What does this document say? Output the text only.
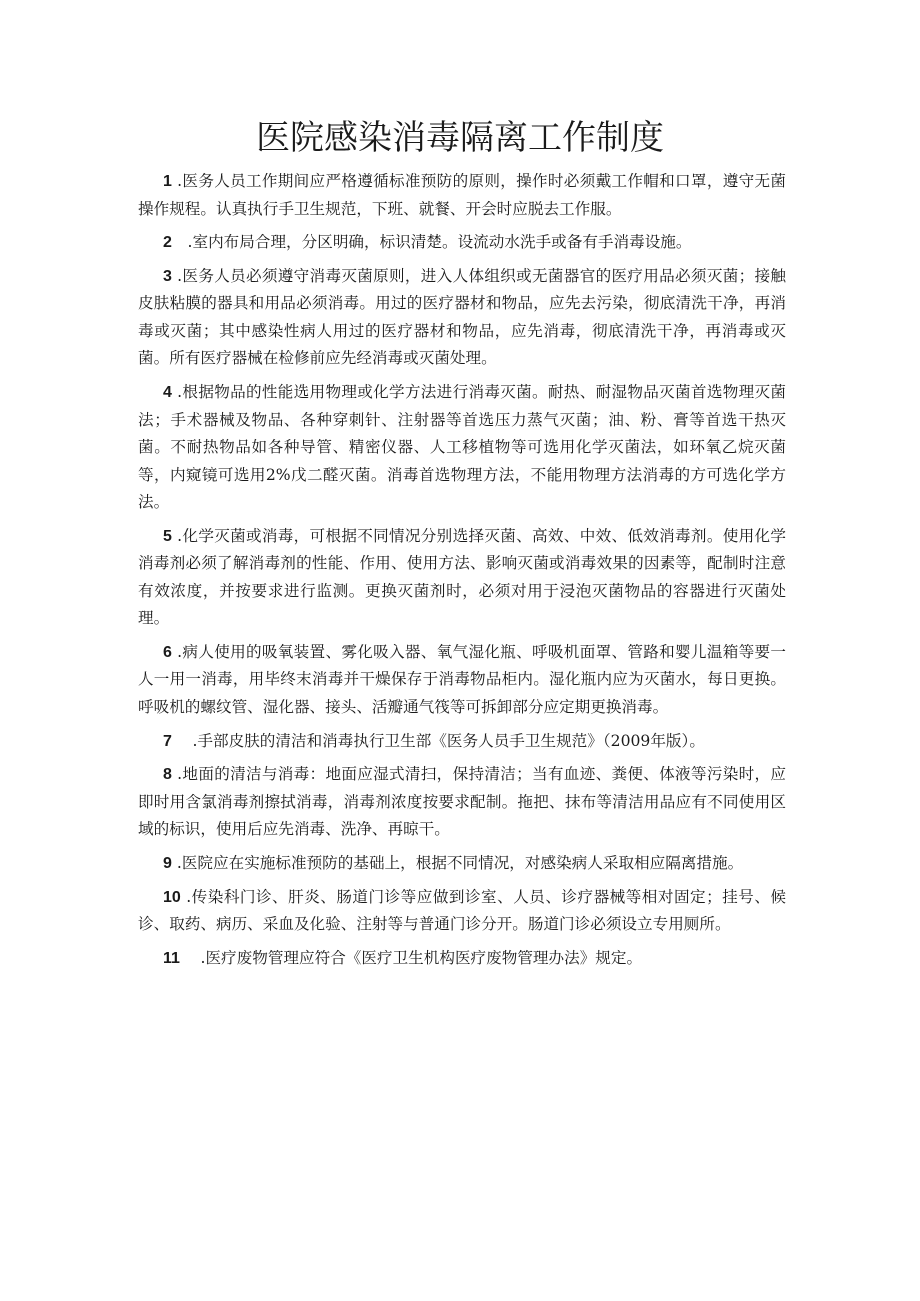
医院感染消毒隔离工作制度

1 .医务人员工作期间应严格遵循标准预防的原则，操作时必须戴工作帽和口罩，遵守无菌操作规程。认真执行手卫生规范，下班、就餐、开会时应脱去工作服。

2　.室内布局合理，分区明确，标识清楚。设流动水洗手或备有手消毒设施。

3 .医务人员必须遵守消毒灭菌原则，进入人体组织或无菌器官的医疗用品必须灭菌；接触皮肤粘膜的器具和用品必须消毒。用过的医疗器材和物品，应先去污染，彻底清洗干净，再消毒或灭菌；其中感染性病人用过的医疗器材和物品，应先消毒，彻底清洗干净，再消毒或灭菌。所有医疗器械在检修前应先经消毒或灭菌处理。

4 .根据物品的性能选用物理或化学方法进行消毒灭菌。耐热、耐湿物品灭菌首选物理灭菌法；手术器械及物品、各种穿刺针、注射器等首选压力蒸气灭菌；油、粉、膏等首选干热灭菌。不耐热物品如各种导管、精密仪器、人工移植物等可选用化学灭菌法，如环氧乙烷灭菌等，内窥镜可选用2%戊二醛灭菌。消毒首选物理方法，不能用物理方法消毒的方可选化学方法。

5 .化学灭菌或消毒，可根据不同情况分别选择灭菌、高效、中效、低效消毒剂。使用化学消毒剂必须了解消毒剂的性能、作用、使用方法、影响灭菌或消毒效果的因素等，配制时注意有效浓度，并按要求进行监测。更换灭菌剂时，必须对用于浸泡灭菌物品的容器进行灭菌处理。

6 .病人使用的吸氧装置、雾化吸入器、氧气湿化瓶、呼吸机面罩、管路和婴儿温箱等要一人一用一消毒，用毕终末消毒并干燥保存于消毒物品柜内。湿化瓶内应为灭菌水，每日更换。呼吸机的螺纹管、湿化器、接头、活瓣通气筏等可拆卸部分应定期更换消毒。

7　 .手部皮肤的清洁和消毒执行卫生部《医务人员手卫生规范》（2009年版）。

8 .地面的清洁与消毒：地面应湿式清扫，保持清洁；当有血迹、粪便、体液等污染时，应即时用含氯消毒剂擦拭消毒，消毒剂浓度按要求配制。拖把、抹布等清洁用品应有不同使用区域的标识，使用后应先消毒、洗净、再晾干。

9 .医院应在实施标准预防的基础上，根据不同情况，对感染病人采取相应隔离措施。

10 .传染科门诊、肝炎、肠道门诊等应做到诊室、人员、诊疗器械等相对固定；挂号、候诊、取药、病历、采血及化验、注射等与普通门诊分开。肠道门诊必须设立专用厕所。

11　 .医疗废物管理应符合《医疗卫生机构医疗废物管理办法》规定。
